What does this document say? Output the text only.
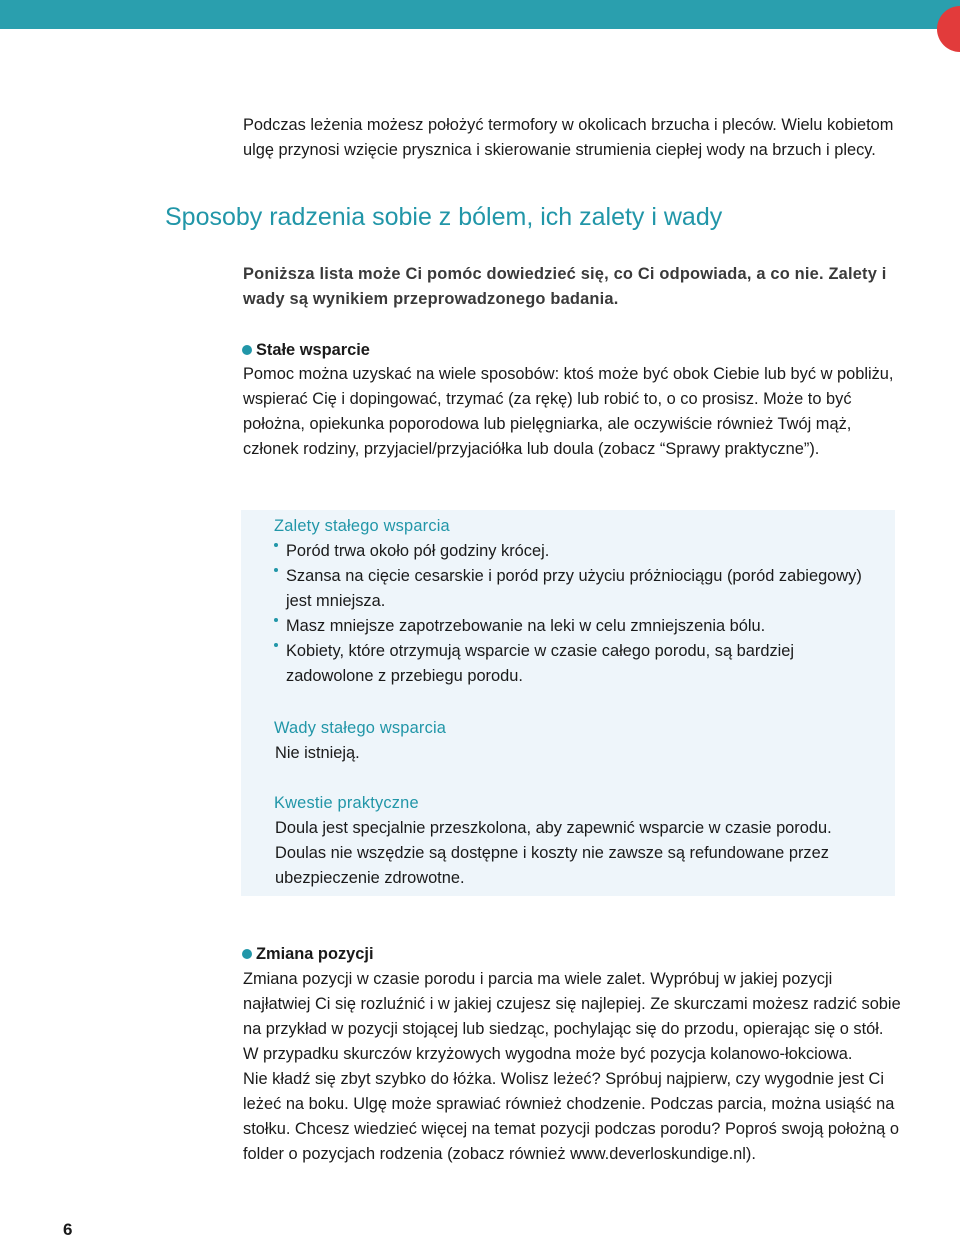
Podczas leżenia możesz położyć termofory w okolicach brzucha i pleców. Wielu kobietom ulgę przynosi wzięcie prysznica i skierowanie strumienia ciepłej wody na brzuch i plecy.

Sposoby radzenia sobie z bólem, ich zalety i wady

Poniższa lista może Ci pomóc dowiedzieć się, co Ci odpowiada, a co nie. Zalety i wady są wynikiem przeprowadzonego badania.

Stałe wsparcie

Pomoc można uzyskać na wiele sposobów: ktoś może być obok Ciebie lub być w pobliżu, wspierać Cię i dopingować, trzymać (za rękę) lub robić to, o co prosisz. Może to być położna, opiekunka poporodowa lub pielęgniarka, ale oczywiście również Twój mąż, członek rodziny, przyjaciel/przyjaciółka lub doula (zobacz “Sprawy praktyczne”).

Zalety stałego wsparcia
Poród trwa około pół godziny krócej.
Szansa na cięcie cesarskie i poród przy użyciu próżniociągu (poród zabiegowy) jest mniejsza.
Masz mniejsze zapotrzebowanie na leki w celu zmniejszenia bólu.
Kobiety, które otrzymują wsparcie w czasie całego porodu, są bardziej zadowolone z przebiegu porodu.
Wady stałego wsparcia

Nie istnieją.

Kwestie praktyczne

Doula jest specjalnie przeszkolona, aby zapewnić wsparcie w czasie porodu. Doulas nie wszędzie są dostępne i koszty nie zawsze są refundowane przez ubezpieczenie zdrowotne.

Zmiana pozycji

Zmiana pozycji w czasie porodu i parcia ma wiele zalet. Wypróbuj w jakiej pozycji najłatwiej Ci się rozluźnić i w jakiej czujesz się najlepiej. Ze skurczami możesz radzić sobie na przykład w pozycji stojącej lub siedząc, pochylając się do przodu, opierając się o stół. W przypadku skurczów krzyżowych wygodna może być pozycja kolanowo-łokciowa.
Nie kładź się zbyt szybko do łóżka. Wolisz leżeć? Spróbuj najpierw, czy wygodnie jest Ci leżeć na boku. Ulgę może sprawiać również chodzenie. Podczas parcia, można usiąść na stołku. Chcesz wiedzieć więcej na temat pozycji podczas porodu? Poproś swoją położną o folder o pozycjach rodzenia (zobacz również www.deverloskundige.nl).

6
